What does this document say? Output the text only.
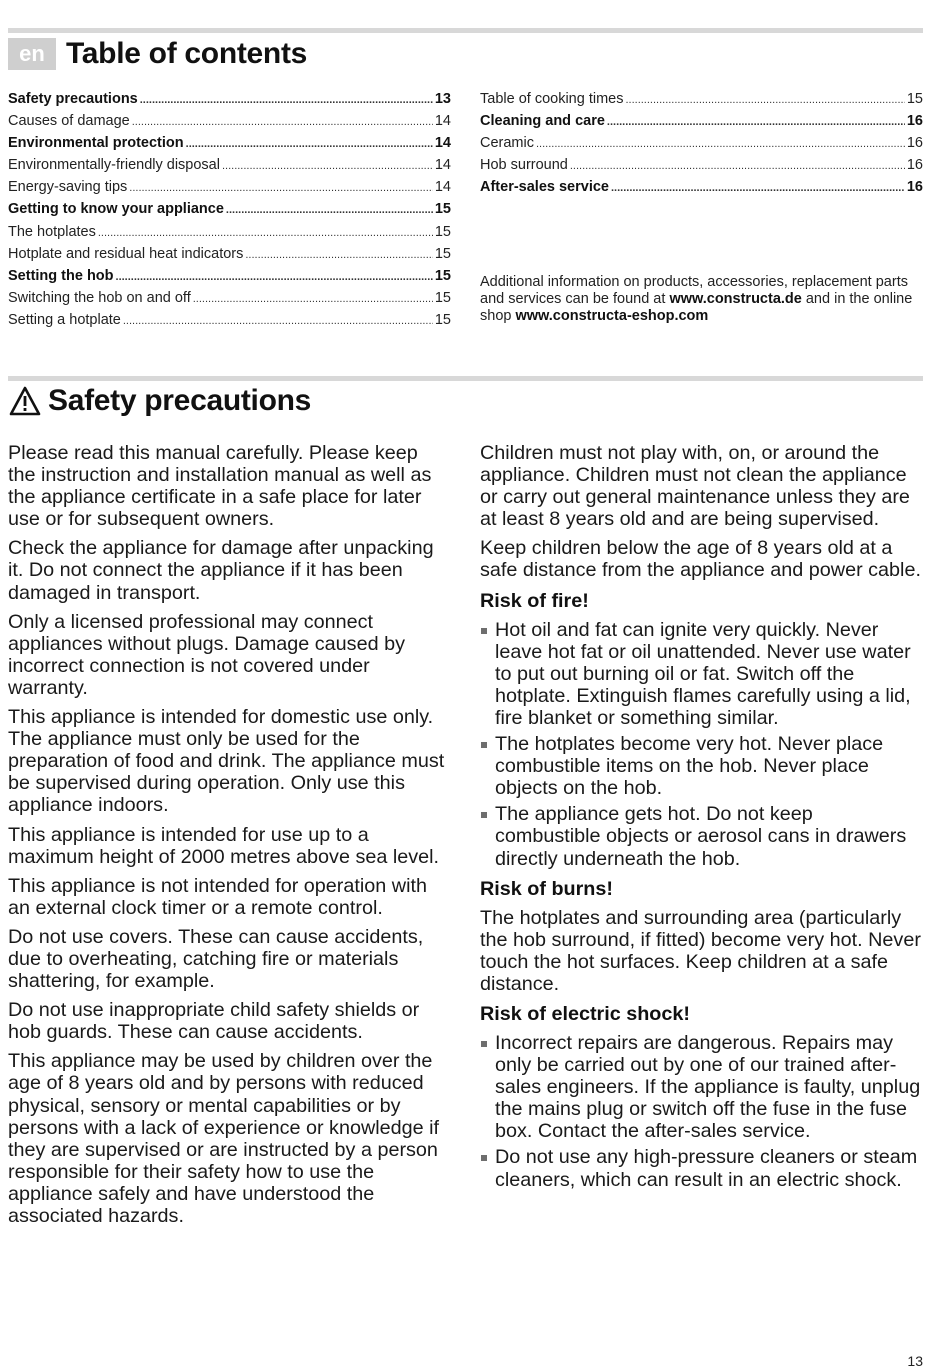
en Table of contents
Safety precautions .....	13
Causes of damage .....	14
Environmental protection .....	14
Environmentally-friendly disposal .....	14
Energy-saving tips .....	14
Getting to know your appliance .....	15
The hotplates .....	15
Hotplate and residual heat indicators .....	15
Setting the hob .....	15
Switching the hob on and off .....	15
Setting a hotplate .....	15
Table of cooking times .....	15
Cleaning and care .....	16
Ceramic .....	16
Hob surround .....	16
After-sales service .....	16
Additional information on products, accessories, replacement parts and services can be found at www.constructa.de and in the online shop www.constructa-eshop.com
Safety precautions

Please read this manual carefully. Please keep the instruction and installation manual as well as the appliance certificate in a safe place for later use or for subsequent owners.

Check the appliance for damage after unpacking it. Do not connect the appliance if it has been damaged in transport.

Only a licensed professional may connect appliances without plugs. Damage caused by incorrect connection is not covered under warranty.

This appliance is intended for domestic use only. The appliance must only be used for the preparation of food and drink. The appliance must be supervised during operation. Only use this appliance indoors.

This appliance is intended for use up to a maximum height of 2000 metres above sea level.

This appliance is not intended for operation with an external clock timer or a remote control.

Do not use covers. These can cause accidents, due to overheating, catching fire or materials shattering, for example.

Do not use inappropriate child safety shields or hob guards. These can cause accidents.

This appliance may be used by children over the age of 8 years old and by persons with reduced physical, sensory or mental capabilities or by persons with a lack of experience or knowledge if they are supervised or are instructed by a person responsible for their safety how to use the appliance safely and have understood the associated hazards.

Children must not play with, on, or around the appliance. Children must not clean the appliance or carry out general maintenance unless they are at least 8 years old and are being supervised.

Keep children below the age of 8 years old at a safe distance from the appliance and power cable.

Risk of fire!
Hot oil and fat can ignite very quickly. Never leave hot fat or oil unattended. Never use water to put out burning oil or fat. Switch off the hotplate. Extinguish flames carefully using a lid, fire blanket or something similar.
The hotplates become very hot. Never place combustible items on the hob. Never place objects on the hob.
The appliance gets hot. Do not keep combustible objects or aerosol cans in drawers directly underneath the hob.
Risk of burns!

The hotplates and surrounding area (particularly the hob surround, if fitted) become very hot. Never touch the hot surfaces. Keep children at a safe distance.

Risk of electric shock!
Incorrect repairs are dangerous. Repairs may only be carried out by one of our trained after-sales engineers. If the appliance is faulty, unplug the mains plug or switch off the fuse in the fuse box. Contact the after-sales service.
Do not use any high-pressure cleaners or steam cleaners, which can result in an electric shock.
13
